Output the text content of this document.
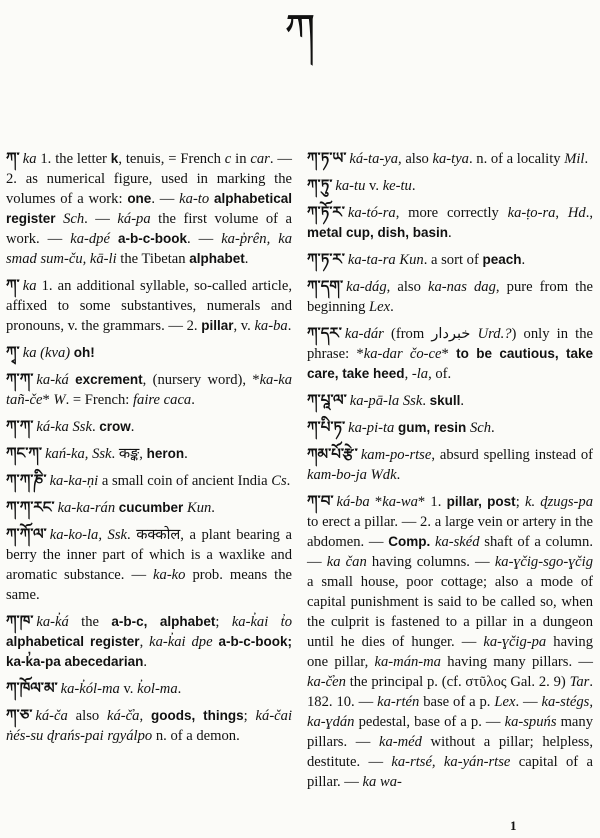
ཀ
ཀ་ ka 1. the letter k, tenuis, = French c in car. — 2. as numerical figure, used in marking the volumes of a work: one. — ka-to alphabetical register Sch. — ká-pa the first volume of a work. — ka-dpé a-b-c-book. — ka-p̓rên, ka smad sum-ču, kā-li the Tibetan alphabet.
ཀ་ ka 1. an additional syllable, so-called article, affixed to some substantives, numerals and pronouns, v. the grammars. — 2. pillar, v. ka-ba.
ཀྭ་ ka (kva) oh!
ཀ་ཀ་ ka-ká excrement, (nursery word), *ka-ka tañ-če* W. = French: faire caca.
ཀ་ཀ་ ká-ka Ssk. crow.
ཀང་ཀ་ kań-ka, Ssk. कङ्क, heron.
ཀ་ཀ་ཎི་ ka-ka-ṇi a small coin of ancient India Cs.
ཀ་ཀ་རང་ ka-ka-rán cucumber Kun.
ཀ་ཀོ་ལ་ ka-ko-la, Ssk. कक्कोल, a plant bearing a berry the inner part of which is a waxlike and aromatic substance. — ka-ko prob. means the same.
ཀ་ཁ་ ka-k̓á the a-b-c, alphabet; ka-k̓ai t̓o alphabetical register, ka-k̓ai dpe a-b-c-book; ka-k̓a-pa abecedarian.
ཀ་ཁོལ་མ་ ka-k̓ól-ma v. k̓ol-ma.
ཀ་ཅ་ ká-ča also ká-č̓a, goods, things; ká-čai ṅés-su ɖrańs-pai rgyálpo n. of a demon.
ཀ་ཏ་ཡ་ ká-ta-ya, also ka-tya. n. of a locality Mil.
ཀ་ཏུ་ ka-tu v. ke-tu.
ཀ་ཏོ་ར་ ka-tó-ra, more correctly ka-ṭo-ra, Hd., metal cup, dish, basin.
ཀ་ཏ་ར་ ka-ta-ra Kun. a sort of peach.
ཀ་དག་ ka-dág, also ka-nas dag, pure from the beginning Lex.
ཀ་དར་ ka-dár (from خبردار Urd.?) only in the phrase: *ka-dar čo-ce* to be cautious, take care, take heed, -la, of.
ཀ་པཱ་ལ་ ka-pā-la Ssk. skull.
ཀ་པི་ཏ་ ka-pi-ta gum, resin Sch.
ཀམ་པོ་རྩེ་ kam-po-rtse, absurd spelling instead of kam-bo-ja Wdk.
ཀ་བ་ ká-ba *ka-wa* 1. pillar, post; k. ɖzugs-pa to erect a pillar. — 2. a large vein or artery in the abdomen. — Comp. ka-skéd shaft of a column. — ka čan having columns. — ka-ɣčig-sgo-ɣčig a small house, poor cottage; also a mode of capital punishment is said to be called so, when the culprit is fastened to a pillar in a dungeon until he dies of hunger. — ka-ɣčig-pa having one pillar, ka-mán-ma having many pillars. — ka-č̓en the principal p. (cf. στῦλος Gal. 2. 9) Tar. 182. 10. — ka-rtén base of a p. Lex. — ka-stégs, ka-ɣdán pedestal, base of a p. — ka-spuńs many pillars. — ka-méd without a pillar; helpless, destitute. — ka-rtsé, ka-yán-rtse capital of a pillar. — ka wa-
1
